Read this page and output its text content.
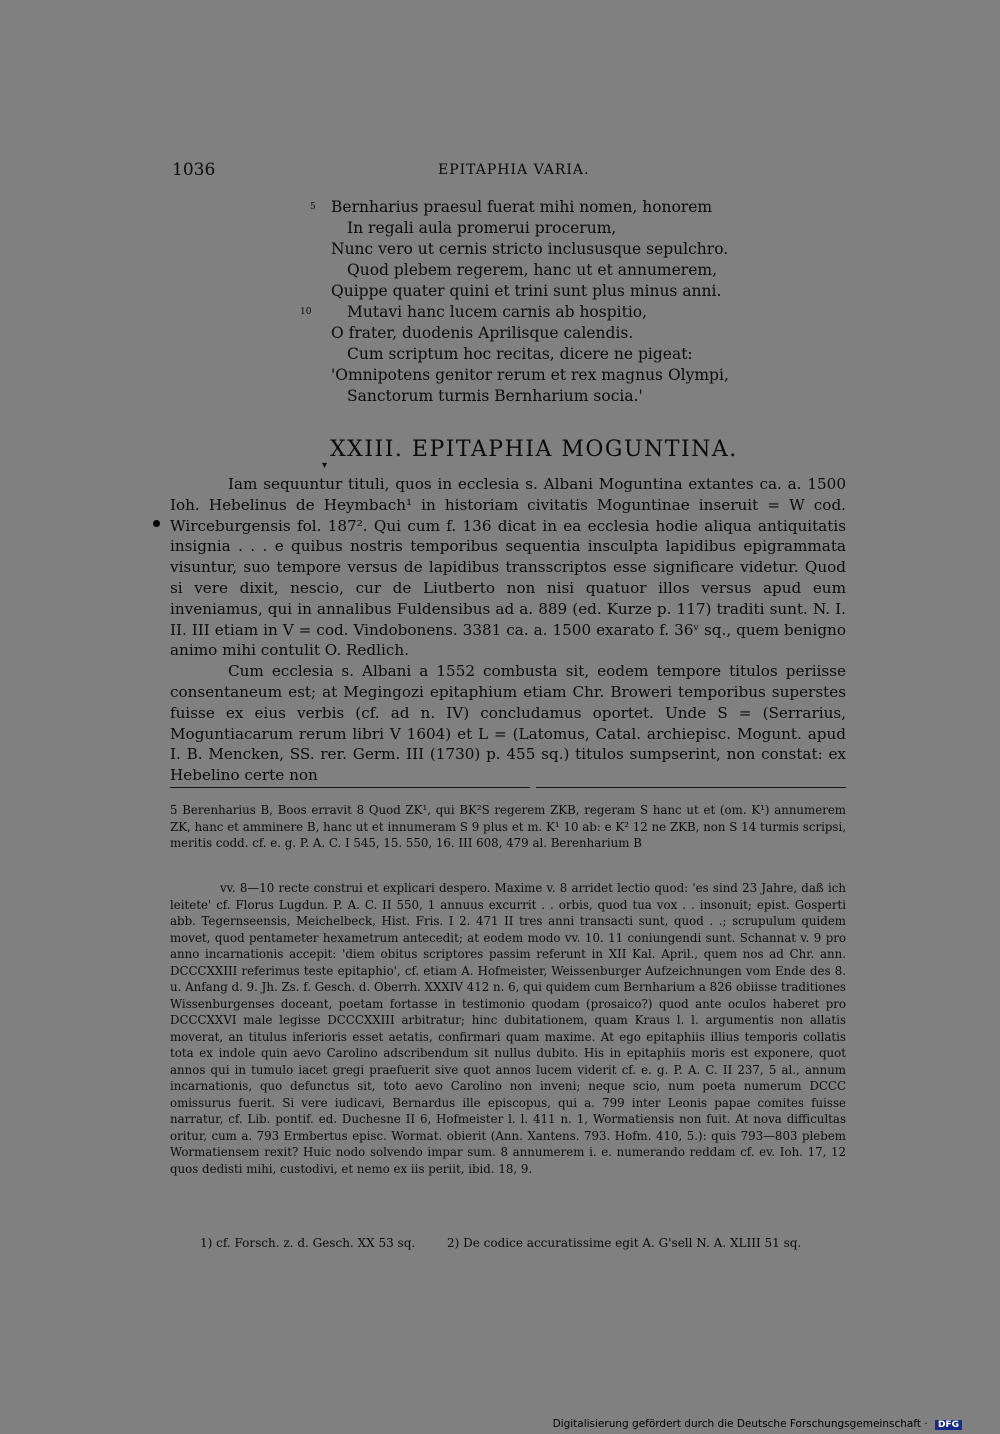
1036	EPITAPHIA VARIA.
5 Bernharius praesul fuerat mihi nomen, honorem
In regali aula promerui procerum,
Nunc vero ut cernis stricto inclususque sepulchro.
Quod plebem regerem, hanc ut et annumerem,
Quippe quater quini et trini sunt plus minus anni.
10 Mutavi hanc lucem carnis ab hospitio,
O frater, duodenis Aprilisque calendis.
Cum scriptum hoc recitas, dicere ne pigeat:
'Omnipotens genitor rerum et rex magnus Olympi,
Sanctorum turmis Bernharium socia.'
▾
XXIII. EPITAPHIA MOGUNTINA.

Iam sequuntur tituli, quos in ecclesia s. Albani Moguntina extantes ca. a. 1500 Ioh. Hebelinus de Heymbach¹ in historiam civitatis Moguntinae inseruit = W cod. Wirceburgensis fol. 187². Qui cum f. 136 dicat in ea ecclesia hodie aliqua antiquitatis insignia . . . e quibus nostris temporibus sequentia insculpta lapidibus epigrammata visuntur, suo tempore versus de lapidibus transscriptos esse significare videtur. Quod si vere dixit, nescio, cur de Liutberto non nisi quatuor illos versus apud eum inveniamus, qui in annalibus Fuldensibus ad a. 889 (ed. Kurze p. 117) traditi sunt. N. I. II. III etiam in V = cod. Vindobonens. 3381 ca. a. 1500 exarato f. 36ᵛ sq., quem benigno animo mihi contulit O. Redlich.

Cum ecclesia s. Albani a 1552 combusta sit, eodem tempore titulos periisse consentaneum est; at Megingozi epitaphium etiam Chr. Broweri temporibus superstes fuisse ex eius verbis (cf. ad n. IV) concludamus oportet. Unde S = (Serrarius, Moguntiacarum rerum libri V 1604) et L = (Latomus, Catal. archiepisc. Mogunt. apud I. B. Mencken, SS. rer. Germ. III (1730) p. 455 sq.) titulos sumpserint, non constat: ex Hebelino certe non

5 Berenharius B, Boos erravit 8 Quod ZK¹, qui BK²S regerem ZKB, regeram S hanc ut et (om. K¹) annumerem ZK, hanc et amminere B, hanc ut et innumeram S 9 plus et m. K¹ 10 ab: e K² 12 ne ZKB, non S 14 turmis scripsi, meritis codd. cf. e. g. P. A. C. I 545, 15. 550, 16. III 608, 479 al. Berenharium B

vv. 8—10 recte construi et explicari despero. Maxime v. 8 arridet lectio quod: 'es sind 23 Jahre, daß ich leitete' cf. Florus Lugdun. P. A. C. II 550, 1 annuus excurrit . . orbis, quod tua vox . . insonuit; epist. Gosperti abb. Tegernseensis, Meichelbeck, Hist. Fris. I 2. 471 II tres anni transacti sunt, quod . .; scrupulum quidem movet, quod pentameter hexametrum antecedit; at eodem modo vv. 10. 11 coniungendi sunt. Schannat v. 9 pro anno incarnationis accepit: 'diem obitus scriptores passim referunt in XII Kal. April., quem nos ad Chr. ann. DCCCXXIII referimus teste epitaphio', cf. etiam A. Hofmeister, Weissenburger Aufzeichnungen vom Ende des 8. u. Anfang d. 9. Jh. Zs. f. Gesch. d. Oberrh. XXXIV 412 n. 6, qui quidem cum Bernharium a 826 obiisse traditiones Wissenburgenses doceant, poetam fortasse in testimonio quodam (prosaico?) quod ante oculos haberet pro DCCCXXVI male legisse DCCCXXIII arbitratur; hinc dubitationem, quam Kraus l. l. argumentis non allatis moverat, an titulus inferioris esset aetatis, confirmari quam maxime. At ego epitaphiis illius temporis collatis tota ex indole quin aevo Carolino adscribendum sit nullus dubito. His in epitaphiis moris est exponere, quot annos qui in tumulo iacet gregi praefuerit sive quot annos lucem viderit cf. e. g. P. A. C. II 237, 5 al., annum incarnationis, quo defunctus sit, toto aevo Carolino non inveni; neque scio, num poeta numerum DCCC omissurus fuerit. Si vere iudicavi, Bernardus ille episcopus, qui a. 799 inter Leonis papae comites fuisse narratur, cf. Lib. pontif. ed. Duchesne II 6, Hofmeister l. l. 411 n. 1, Wormatiensis non fuit. At nova difficultas oritur, cum a. 793 Ermbertus episc. Wormat. obierit (Ann. Xantens. 793. Hofm. 410, 5.): quis 793—803 plebem Wormatiensem rexit? Huic nodo solvendo impar sum. 8 annumerem i. e. numerando reddam cf. ev. Ioh. 17, 12 quos dedisti mihi, custodivi, et nemo ex iis periit, ibid. 18, 9.

1) cf. Forsch. z. d. Gesch. XX 53 sq.	2) De codice accuratissime egit A. G'sell N. A. XLIII 51 sq.
Digitalisierung gefördert durch die Deutsche Forschungsgemeinschaft · DFG
